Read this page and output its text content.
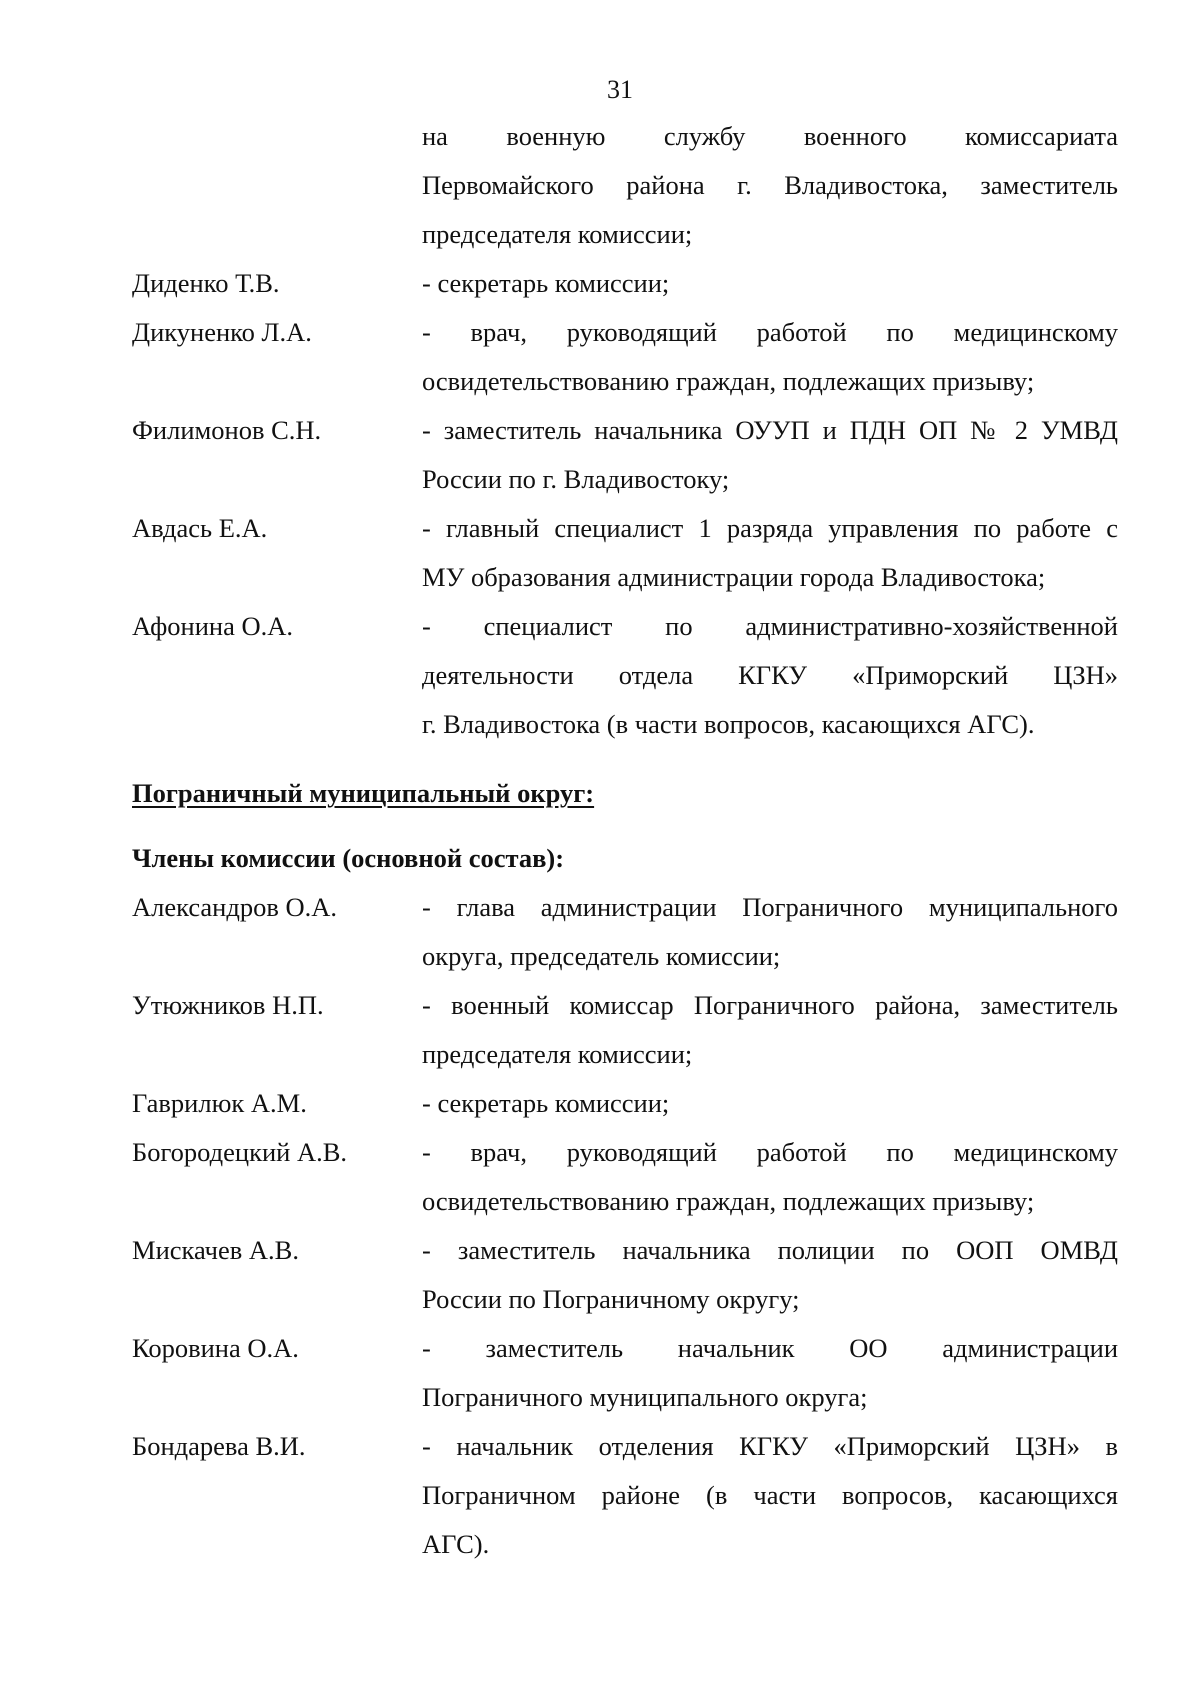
31
на военную службу военного комиссариата
Первомайского района г. Владивостока, заместитель
председателя комиссии;
Диденко Т.В.	- секретарь комиссии;
Дикуненко Л.А.	- врач, руководящий работой по медицинскому
освидетельствованию граждан, подлежащих призыву;
Филимонов С.Н.	- заместитель начальника ОУУП и ПДН ОП № 2 УМВД
России по г. Владивостоку;
Авдась Е.А.	- главный специалист 1 разряда управления по работе с
МУ образования администрации города Владивостока;
Афонина О.А.	- специалист по административно-хозяйственной
деятельности отдела КГКУ «Приморский ЦЗН»
г. Владивостока (в части вопросов, касающихся АГС).
Пограничный муниципальный округ:
Члены комиссии (основной состав):
Александров О.А.	- глава администрации Пограничного муниципального
округа, председатель комиссии;
Утюжников Н.П.	- военный комиссар Пограничного района, заместитель
председателя комиссии;
Гаврилюк А.М.	- секретарь комиссии;
Богородецкий А.В.	- врач, руководящий работой по медицинскому
освидетельствованию граждан, подлежащих призыву;
Мискачев А.В.	- заместитель начальника полиции по ООП ОМВД
России по Пограничному округу;
Коровина О.А.	- заместитель начальник ОО администрации
Пограничного муниципального округа;
Бондарева В.И.	- начальник отделения КГКУ «Приморский ЦЗН» в
Пограничном районе (в части вопросов, касающихся
АГС).
